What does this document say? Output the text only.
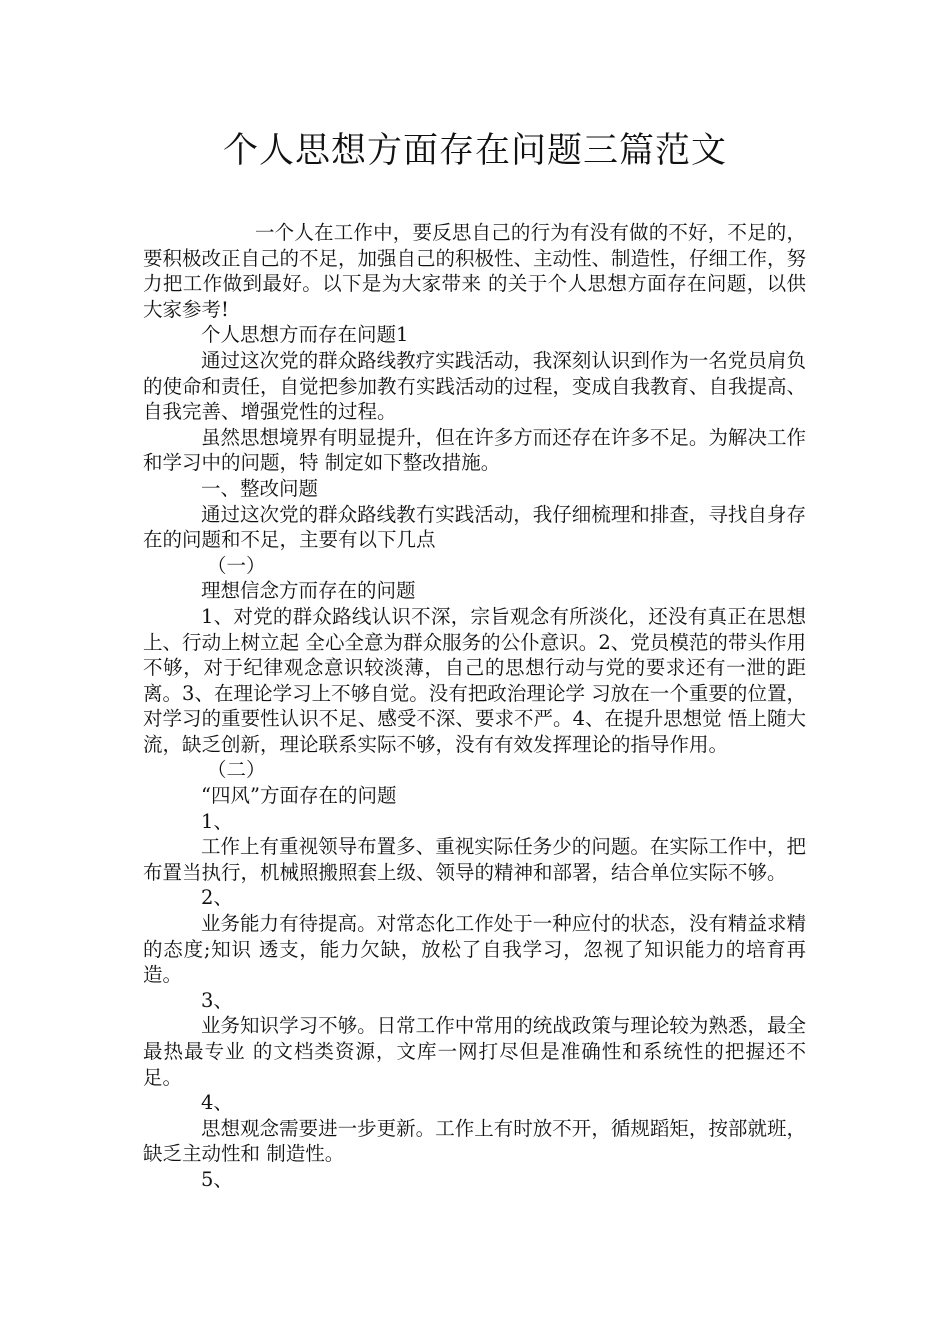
个人思想方面存在问题三篇范文

一个人在工作中，要反思自己的行为有没有做的不好，不足的，要积极改正自己的不足，加强自己的积极性、主动性、制造性，仔细工作，努力把工作做到最好。以下是为大家带来 的关于个人思想方面存在问题，以供大家参考!

个人思想方而存在问题1

通过这次党的群众路线教疗实践活动，我深刻认识到作为一名党员肩负的使命和责任，自觉把参加教冇实践活动的过程，变成自我教育、自我提高、自我完善、增强党性的过程。

虽然思想境界有明显提升，但在许多方而还存在许多不足。为解决工作和学习中的问题，特 制定如下整改措施。

一、整改问题

通过这次党的群众路线教冇实践活动，我仔细梳理和排查，寻找自身存在的问题和不足，主要有以下几点

（一）

理想信念方而存在的问题

1、对党的群众路线认识不深，宗旨观念有所淡化，还没有真正在思想上、行动上树立起 全心全意为群众服务的公仆意识。2、党员模范的带头作用不够，对于纪律观念意识较淡薄，自己的思想行动与党的要求还有一泄的距离。3、在理论学习上不够自觉。没有把政治理论学 习放在一个重要的位置，对学习的重要性认识不足、感受不深、要求不严。4、在提升思想觉 悟上随大流，缺乏创新，理论联系实际不够，没有有效发挥理论的指导作用。

（二）

“四风”方面存在的问题

1、

工作上有重视领导布置多、重视实际任务少的问题。在实际工作中，把布置当执行，机械照搬照套上级、领导的精神和部署，结合单位实际不够。

2、

业务能力有待提高。对常态化工作处于一种应付的状态，没有精益求精的态度;知识 透支，能力欠缺，放松了自我学习，忽视了知识能力的培育再造。

3、

业务知识学习不够。日常工作中常用的统战政策与理论较为熟悉，最全最热最专业 的文档类资源，文库一网打尽但是准确性和系统性的把握还不足。

4、

思想观念需要进一步更新。工作上有时放不开，循规蹈矩，按部就班，缺乏主动性和 制造性。

5、
